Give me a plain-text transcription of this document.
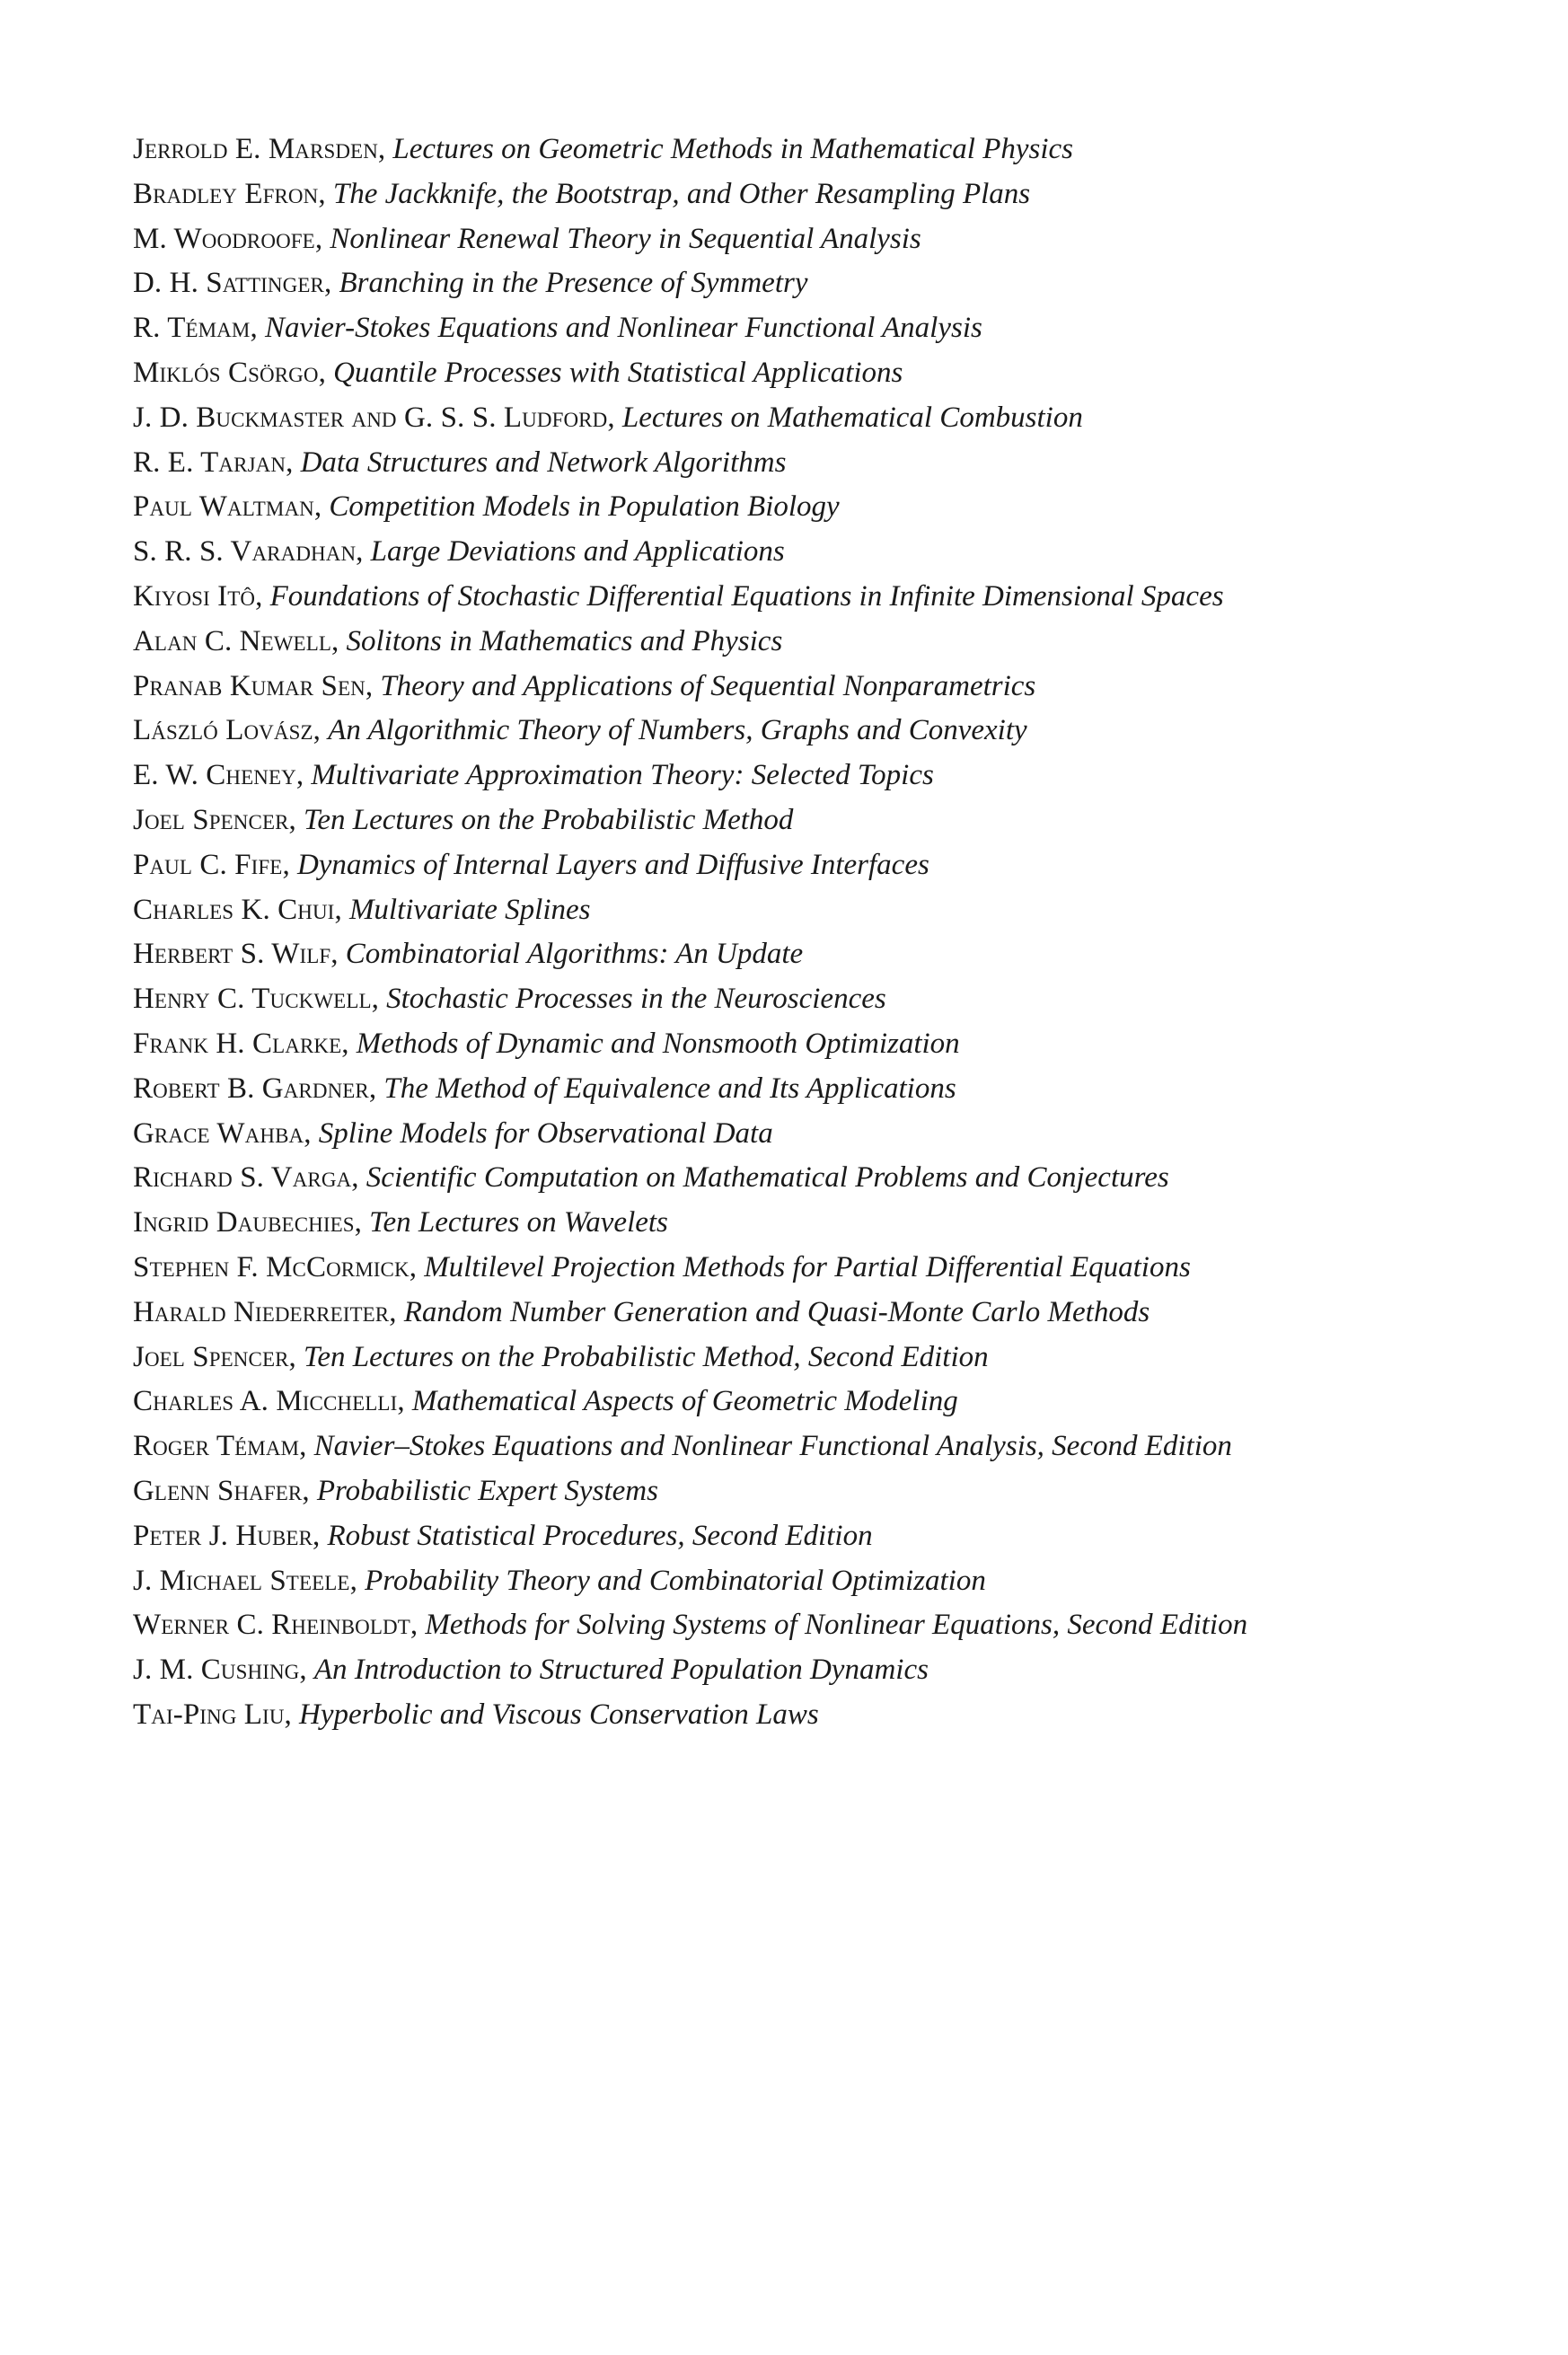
Jerrold E. Marsden, Lectures on Geometric Methods in Mathematical Physics
Bradley Efron, The Jackknife, the Bootstrap, and Other Resampling Plans
M. Woodroofe, Nonlinear Renewal Theory in Sequential Analysis
D. H. Sattinger, Branching in the Presence of Symmetry
R. Témam, Navier-Stokes Equations and Nonlinear Functional Analysis
Miklós Csörgo, Quantile Processes with Statistical Applications
J. D. Buckmaster and G. S. S. Ludford, Lectures on Mathematical Combustion
R. E. Tarjan, Data Structures and Network Algorithms
Paul Waltman, Competition Models in Population Biology
S. R. S. Varadhan, Large Deviations and Applications
Kiyosi Itô, Foundations of Stochastic Differential Equations in Infinite Dimensional Spaces
Alan C. Newell, Solitons in Mathematics and Physics
Pranab Kumar Sen, Theory and Applications of Sequential Nonparametrics
László Lovász, An Algorithmic Theory of Numbers, Graphs and Convexity
E. W. Cheney, Multivariate Approximation Theory: Selected Topics
Joel Spencer, Ten Lectures on the Probabilistic Method
Paul C. Fife, Dynamics of Internal Layers and Diffusive Interfaces
Charles K. Chui, Multivariate Splines
Herbert S. Wilf, Combinatorial Algorithms: An Update
Henry C. Tuckwell, Stochastic Processes in the Neurosciences
Frank H. Clarke, Methods of Dynamic and Nonsmooth Optimization
Robert B. Gardner, The Method of Equivalence and Its Applications
Grace Wahba, Spline Models for Observational Data
Richard S. Varga, Scientific Computation on Mathematical Problems and Conjectures
Ingrid Daubechies, Ten Lectures on Wavelets
Stephen F. McCormick, Multilevel Projection Methods for Partial Differential Equations
Harald Niederreiter, Random Number Generation and Quasi-Monte Carlo Methods
Joel Spencer, Ten Lectures on the Probabilistic Method, Second Edition
Charles A. Micchelli, Mathematical Aspects of Geometric Modeling
Roger Témam, Navier–Stokes Equations and Nonlinear Functional Analysis, Second Edition
Glenn Shafer, Probabilistic Expert Systems
Peter J. Huber, Robust Statistical Procedures, Second Edition
J. Michael Steele, Probability Theory and Combinatorial Optimization
Werner C. Rheinboldt, Methods for Solving Systems of Nonlinear Equations, Second Edition
J. M. Cushing, An Introduction to Structured Population Dynamics
Tai-Ping Liu, Hyperbolic and Viscous Conservation Laws
